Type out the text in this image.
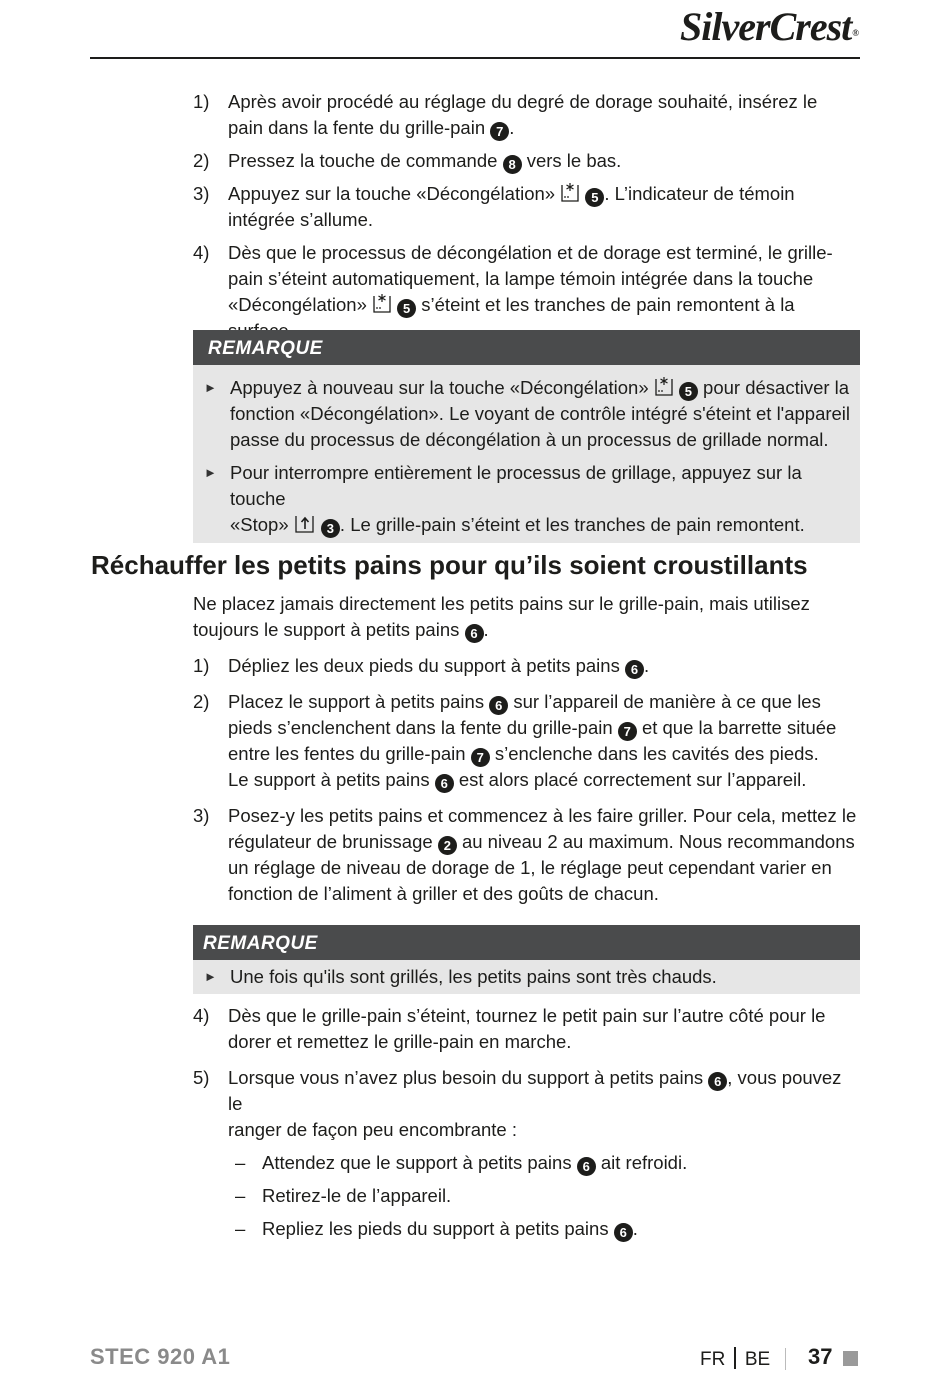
SilverCrest®

1) Après avoir procédé au réglage du degré de dorage souhaité, insérez le
pain dans la fente du grille-pain 7 .

2) Pressez la touche de commande 8 vers le bas.

3) Appuyez sur la touche «Décongélation»	5 . L’indicateur de témoin
intégrée s’allume.

4) Dès que le processus de décongélation et de dorage est terminé, le grille-
pain s’éteint automatiquement, la lampe témoin intégrée dans la touche
«Décongélation»	5 s’éteint et les tranches de pain remontent à la

REMARQUE

► Appuyez à nouveau sur la touche «Décongélation»	5 pour désactiver la
fonction «Décongélation». Le voyant de contrôle intégré s'éteint et l'appareil
passe du processus de décongélation à un processus de grillade normal.

► Pour interrompre entièrement le processus de grillage, appuyez sur la touche
«Stop»	3 . Le grille-pain s’éteint et les tranches de pain remontent.

Réchauffer les petits pains pour qu’ils soient croustillants

Ne placez jamais directement les petits pains sur le grille-pain, mais utilisez
toujours le support à petits pains 6 .

1) Dépliez les deux pieds du support à petits pains 6 .

2) Placez le support à petits pains 6 sur l’appareil de manière à ce que les
pieds s’enclenchent dans la fente du grille-pain 7 et que la barrette située
entre les fentes du grille-pain 7 s’enclenche dans les cavités des pieds.
Le support à petits pains 6 est alors placé correctement sur l’appareil.

3) Posez-y les petits pains et commencez à les faire griller. Pour cela, mettez le
régulateur de brunissage 2 au niveau 2 au maximum. Nous recommandons
un réglage de niveau de dorage de 1, le réglage peut cependant varier en
fonction de l’aliment à griller et des goûts de chacun.

REMARQUE

► Une fois qu'ils sont grillés, les petits pains sont très chauds.

4) Dès que le grille-pain s’éteint, tournez le petit pain sur l’autre côté pour le
dorer et remettez le grille-pain en marche.

5) Lorsque vous n’avez plus besoin du support à petits pains 6 , vous pouvez le
ranger de façon peu encombrante :

– Attendez que le support à petits pains 6 ait refroidi.

– Retirez-le de l’appareil.

– Repliez les pieds du support à petits pains 6 .

STEC 920 A1	FR BE 37
